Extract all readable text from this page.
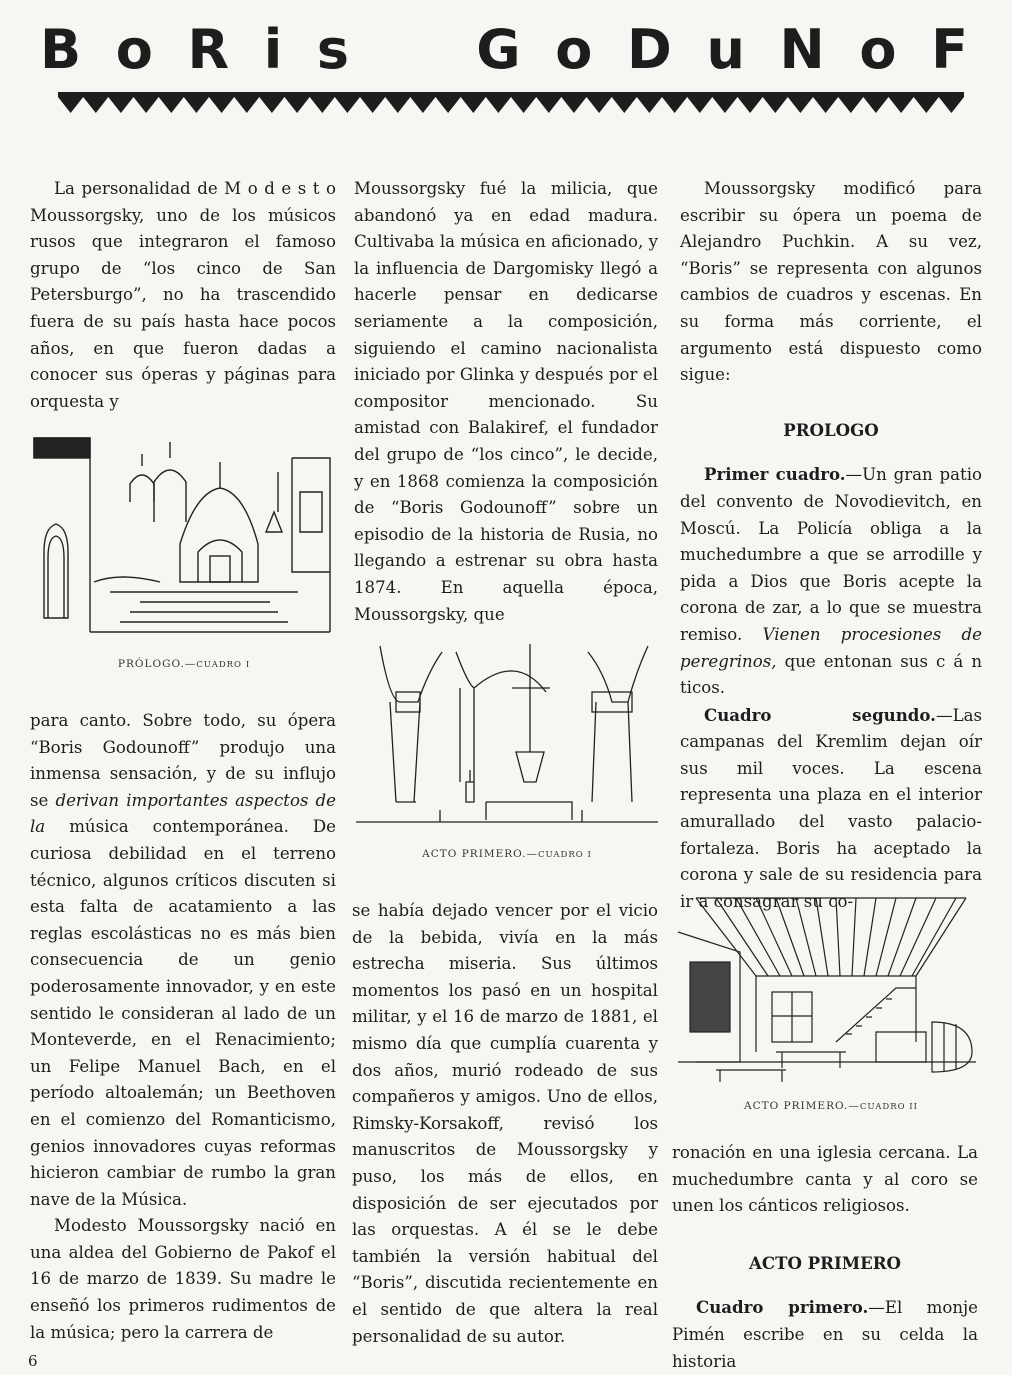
B o R i s G o D u N o F

La personalidad de M o d e s t o Moussorgsky, uno de los músicos rusos que integraron el famoso grupo de “los cinco de San Petersburgo”, no ha trascendido fuera de su país hasta hace pocos años, en que fueron dadas a conocer sus óperas y páginas para orquesta y

PRÓLOGO.—CUADRO I

para canto. Sobre todo, su ópera “Boris Godounoff” produjo una inmensa sensación, y de su influjo se derivan importantes aspectos de la música contemporánea. De curiosa debilidad en el terreno técnico, algunos críticos discuten si esta falta de acatamiento a las reglas escolásticas no es más bien consecuencia de un genio poderosamente innovador, y en este sentido le consideran al lado de un Monteverde, en el Renacimiento; un Felipe Manuel Bach, en el período altoalemán; un Beethoven en el comienzo del Romanticismo, genios innovadores cuyas reformas hicieron cambiar de rumbo la gran nave de la Música.

Modesto Moussorgsky nació en una aldea del Gobierno de Pakof el 16 de marzo de 1839. Su madre le enseñó los primeros rudimentos de la música; pero la carrera de

Moussorgsky fué la milicia, que abandonó ya en edad madura. Cultivaba la música en aficionado, y la influencia de Dargomisky llegó a hacerle pensar en dedicarse seriamente a la composición, siguiendo el camino nacionalista iniciado por Glinka y después por el compositor mencionado. Su amistad con Balakiref, el fundador del grupo de “los cinco”, le decide, y en 1868 comienza la composición de “Boris Godounoff” sobre un episodio de la historia de Rusia, no llegando a estrenar su obra hasta 1874. En aquella época, Moussorgsky, que

ACTO PRIMERO.—CUADRO I

se había dejado vencer por el vicio de la bebida, vivía en la más estrecha miseria. Sus últimos momentos los pasó en un hospital militar, y el 16 de marzo de 1881, el mismo día que cumplía cuarenta y dos años, murió rodeado de sus compañeros y amigos. Uno de ellos, Rimsky-Korsakoff, revisó los manuscritos de Moussorgsky y puso, los más de ellos, en disposición de ser ejecutados por las orquestas. A él se le debe también la versión habitual del “Boris”, discutida recientemente en el sentido de que altera la real personalidad de su autor.

Moussorgsky modificó para escribir su ópera un poema de Alejandro Puchkin. A su vez, “Boris” se representa con algunos cambios de cuadros y escenas. En su forma más corriente, el argumento está dispuesto como sigue:

PROLOGO

Primer cuadro.—Un gran patio del convento de Novodievitch, en Moscú. La Policía obliga a la muchedumbre a que se arrodille y pida a Dios que Boris acepte la corona de zar, a lo que se muestra remiso. Vienen procesiones de peregrinos, que entonan sus c á n ticos.

Cuadro segundo.—Las campanas del Kremlim dejan oír sus mil voces. La escena representa una plaza en el interior amurallado del vasto palacio-fortaleza. Boris ha aceptado la corona y sale de su residencia para ir a consagrar su co-

ACTO PRIMERO.—CUADRO II

ronación en una iglesia cercana. La muchedumbre canta y al coro se unen los cánticos religiosos.

ACTO PRIMERO

Cuadro primero.—El monje Pimén escribe en su celda la historia

6
